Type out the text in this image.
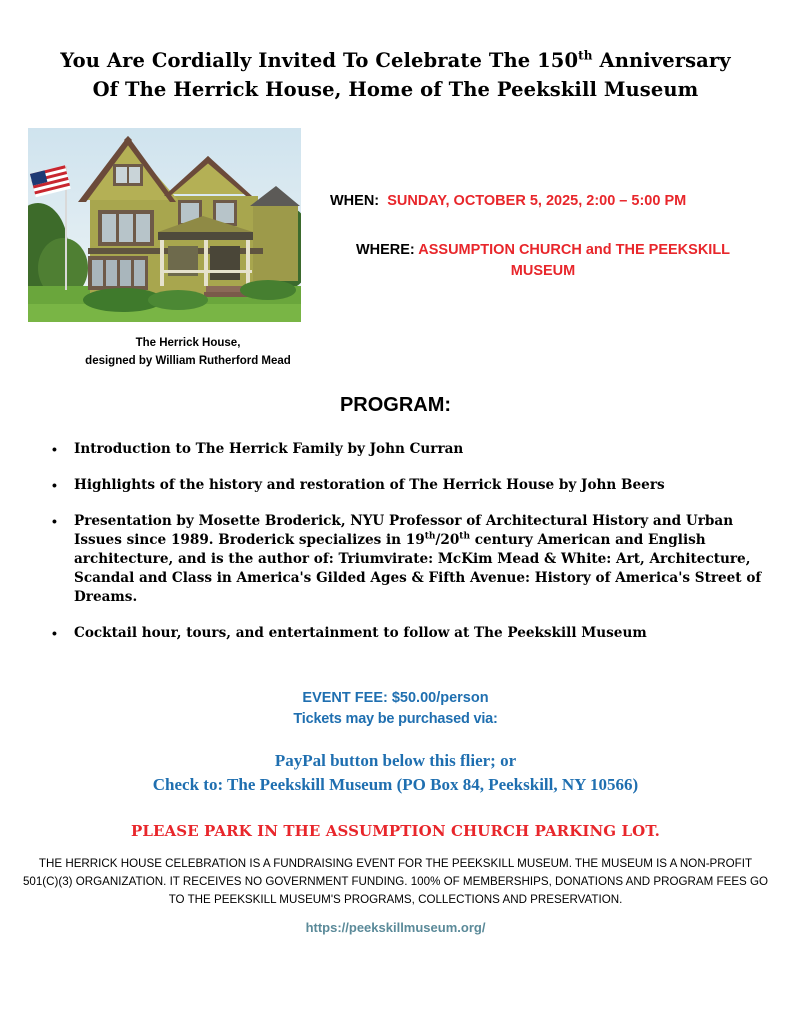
You Are Cordially Invited To Celebrate The 150th Anniversary
Of The Herrick House, Home of The Peekskill Museum
The Herrick House,
designed by William Rutherford Mead
WHEN: SUNDAY, OCTOBER 5, 2025, 2:00 – 5:00 PM
WHERE: ASSUMPTION CHURCH and THE PEEKSKILL MUSEUM
PROGRAM:
• Introduction to The Herrick Family by John Curran
• Highlights of the history and restoration of The Herrick House by John Beers
• Presentation by Mosette Broderick, NYU Professor of Architectural History and Urban Issues since 1989. Broderick specializes in 19th/20th century American and English architecture, and is the author of: Triumvirate: McKim Mead & White: Art, Architecture, Scandal and Class in America's Gilded Ages & Fifth Avenue: History of America's Street of Dreams.
• Cocktail hour, tours, and entertainment to follow at The Peekskill Museum
EVENT FEE: $50.00/person
Tickets may be purchased via:
PayPal button below this flier; or
Check to: The Peekskill Museum (PO Box 84, Peekskill, NY 10566)
PLEASE PARK IN THE ASSUMPTION CHURCH PARKING LOT.
THE HERRICK HOUSE CELEBRATION IS A FUNDRAISING EVENT FOR THE PEEKSKILL MUSEUM. THE MUSEUM IS A NON-PROFIT 501(C)(3) ORGANIZATION. IT RECEIVES NO GOVERNMENT FUNDING. 100% OF MEMBERSHIPS, DONATIONS AND PROGRAM FEES GO TO THE PEEKSKILL MUSEUM'S PROGRAMS, COLLECTIONS AND PRESERVATION.
https://peekskillmuseum.org/
